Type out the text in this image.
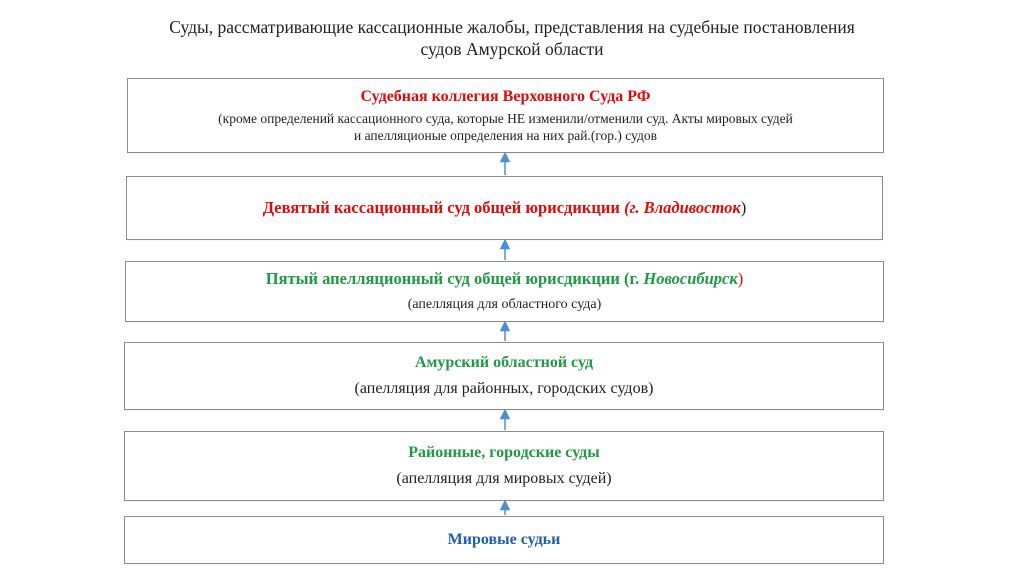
Суды, рассматривающие кассационные жалобы, представления на судебные постановления
судов Амурской области
Судебная коллегия Верховного Суда РФ
(кроме определений кассационного суда, которые НЕ изменили/отменили суд. Акты мировых судей
и апелляционые определения на них рай.(гор.) судов
Девятый кассационный суд общей юрисдикции (г. Владивосток)
Пятый апелляционный суд общей юрисдикции (г. Новосибирск)
(апелляция для областного суда)
Амурский областной суд
(апелляция для районных, городских судов)
Районные, городские суды
(апелляция для мировых судей)
Мировые судьи
